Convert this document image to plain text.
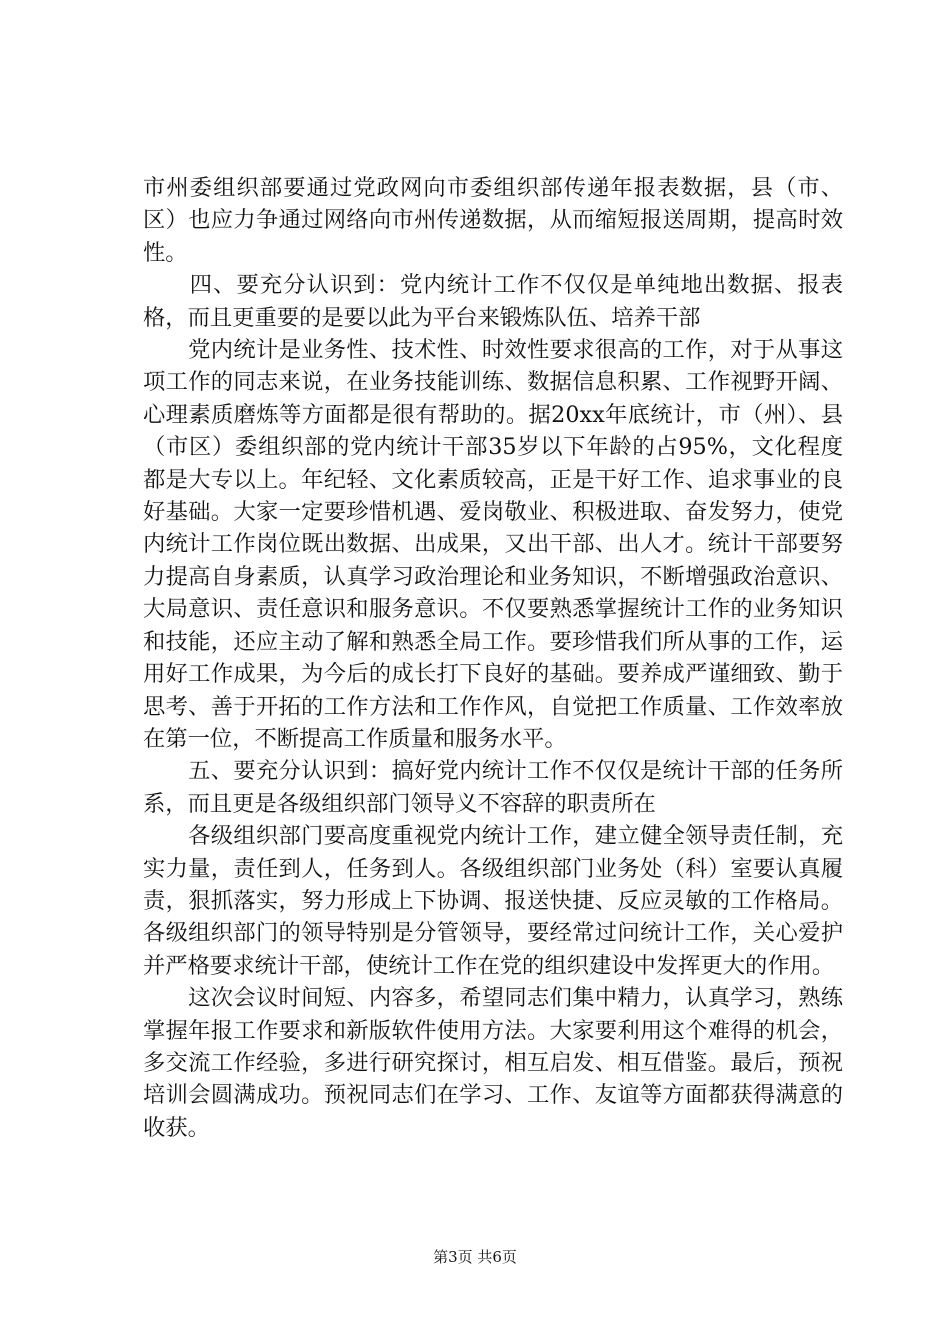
市州委组织部要通过党政网向市委组织部传递年报表数据，县（市、区）也应力争通过网络向市州传递数据，从而缩短报送周期，提高时效性。

　　四、要充分认识到：党内统计工作不仅仅是单纯地出数据、报表格，而且更重要的是要以此为平台来锻炼队伍、培养干部

　　党内统计是业务性、技术性、时效性要求很高的工作，对于从事这项工作的同志来说，在业务技能训练、数据信息积累、工作视野开阔、心理素质磨炼等方面都是很有帮助的。据20xx年底统计，市（州）、县（市区）委组织部的党内统计干部35岁以下年龄的占95%，文化程度都是大专以上。年纪轻、文化素质较高，正是干好工作、追求事业的良好基础。大家一定要珍惜机遇、爱岗敬业、积极进取、奋发努力，使党内统计工作岗位既出数据、出成果，又出干部、出人才。统计干部要努力提高自身素质，认真学习政治理论和业务知识，不断增强政治意识、大局意识、责任意识和服务意识。不仅要熟悉掌握统计工作的业务知识和技能，还应主动了解和熟悉全局工作。要珍惜我们所从事的工作，运用好工作成果，为今后的成长打下良好的基础。要养成严谨细致、勤于思考、善于开拓的工作方法和工作作风，自觉把工作质量、工作效率放在第一位，不断提高工作质量和服务水平。

　　五、要充分认识到：搞好党内统计工作不仅仅是统计干部的任务所系，而且更是各级组织部门领导义不容辞的职责所在

　　各级组织部门要高度重视党内统计工作，建立健全领导责任制，充实力量，责任到人，任务到人。各级组织部门业务处（科）室要认真履责，狠抓落实，努力形成上下协调、报送快捷、反应灵敏的工作格局。各级组织部门的领导特别是分管领导，要经常过问统计工作，关心爱护并严格要求统计干部，使统计工作在党的组织建设中发挥更大的作用。

　　这次会议时间短、内容多，希望同志们集中精力，认真学习，熟练掌握年报工作要求和新版软件使用方法。大家要利用这个难得的机会，多交流工作经验，多进行研究探讨，相互启发、相互借鉴。最后，预祝培训会圆满成功。预祝同志们在学习、工作、友谊等方面都获得满意的收获。

第3页 共6页
